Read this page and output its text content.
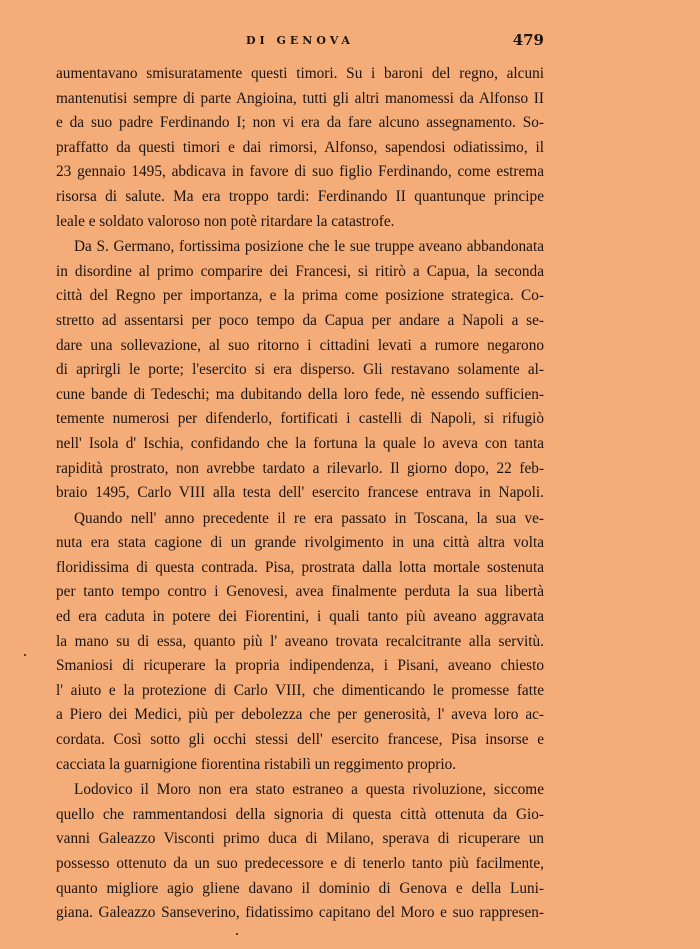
DI GENOVA	479

aumentavano smisuratamente questi timori. Su i baroni del regno, alcuni
mantenutisi sempre di parte Angioina, tutti gli altri manomessi da Alfonso II
e da suo padre Ferdinando I; non vi era da fare alcuno assegnamento. So-
praffatto da questi timori e dai rimorsi, Alfonso, sapendosi odiatissimo, il
23 gennaio 1495, abdicava in favore di suo figlio Ferdinando, come estrema
risorsa di salute. Ma era troppo tardi: Ferdinando II quantunque principe
leale e soldato valoroso non potè ritardare la catastrofe.

Da S. Germano, fortissima posizione che le sue truppe aveano abbandonata
in disordine al primo comparire dei Francesi, si ritirò a Capua, la seconda
città del Regno per importanza, e la prima come posizione strategica. Co-
stretto ad assentarsi per poco tempo da Capua per andare a Napoli a se-
dare una sollevazione, al suo ritorno i cittadini levati a rumore negarono
di aprirgli le porte; l'esercito si era disperso. Gli restavano solamente al-
cune bande di Tedeschi; ma dubitando della loro fede, nè essendo sufficien-
temente numerosi per difenderlo, fortificati i castelli di Napoli, si rifugiò
nell' Isola d' Ischia, confidando che la fortuna la quale lo aveva con tanta
rapidità prostrato, non avrebbe tardato a rilevarlo. Il giorno dopo, 22 feb-
braio 1495, Carlo VIII alla testa dell' esercito francese entrava in Napoli.

Quando nell' anno precedente il re era passato in Toscana, la sua ve-
nuta era stata cagione di un grande rivolgimento in una città altra volta
floridissima di questa contrada. Pisa, prostrata dalla lotta mortale sostenuta
per tanto tempo contro i Genovesi, avea finalmente perduta la sua libertà
ed era caduta in potere dei Fiorentini, i quali tanto più aveano aggravata
la mano su di essa, quanto più l' aveano trovata recalcitrante alla servitù.
Smaniosi di ricuperare la propria indipendenza, i Pisani, aveano chiesto
l' aiuto e la protezione di Carlo VIII, che dimenticando le promesse fatte
a Piero dei Medici, più per debolezza che per generosità, l' aveva loro ac-
cordata. Così sotto gli occhi stessi dell' esercito francese, Pisa insorse e
cacciata la guarnigione fiorentina ristabilì un reggimento proprio.

Lodovico il Moro non era stato estraneo a questa rivoluzione, siccome
quello che rammentandosi della signoria di questa città ottenuta da Gio-
vanni Galeazzo Visconti primo duca di Milano, sperava di ricuperare un
possesso ottenuto da un suo predecessore e di tenerlo tanto più facilmente,
quanto migliore agio gliene davano il dominio di Genova e della Luni-
giana. Galeazzo Sanseverino, fidatissimo capitano del Moro e suo rappresen-
